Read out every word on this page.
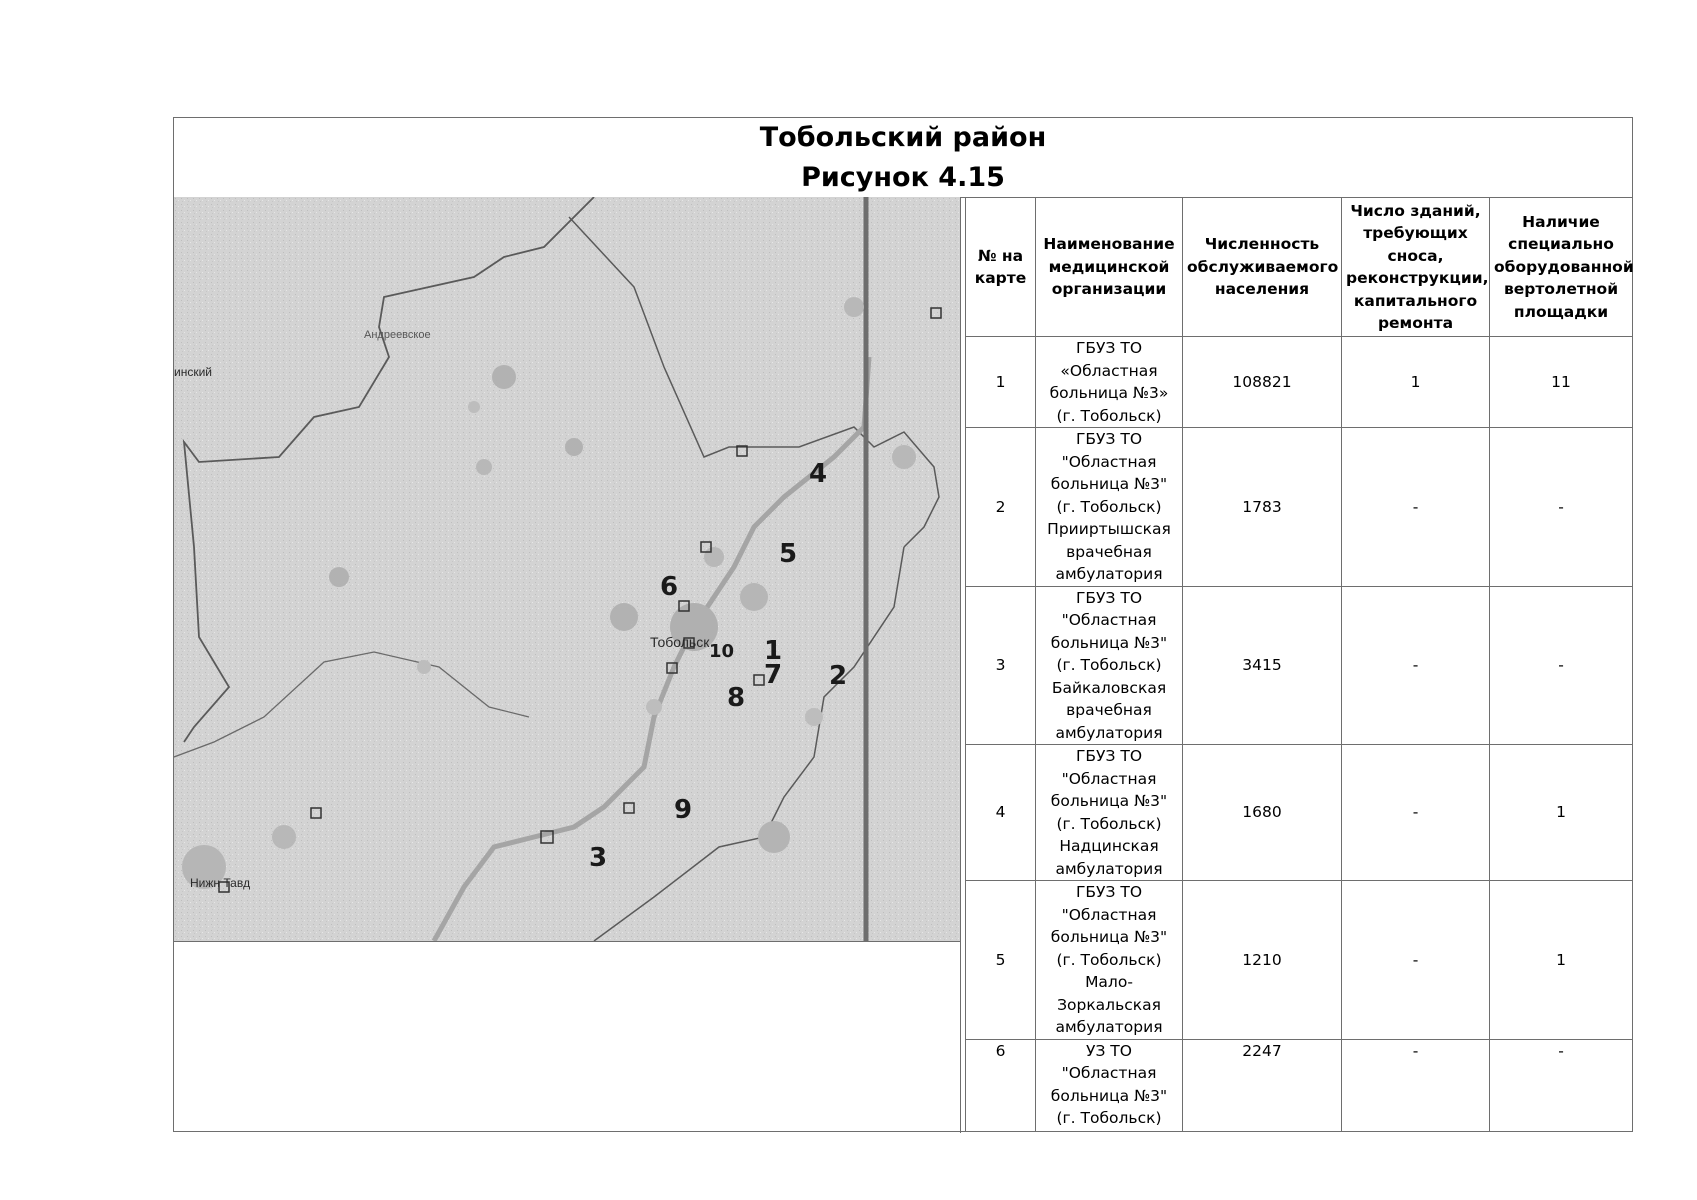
Тобольский район
Рисунок 4.15
4
5
6
1
7 2
8
9
3
10
Тобольск
инский
Нижн Тавд
Андреевское
№ на карте	Наименование медицинской организации	Численность обслуживаемого населения	Число зданий, требующих сноса, реконструкции, капитального ремонта	Наличие специально оборудованной вертолетной площадки
1	ГБУЗ ТО «Областная больница №3» (г. Тобольск)	108821	1	11
2	ГБУЗ ТО "Областная больница №3" (г. Тобольск) Прииртышская врачебная амбулатория	1783	-	-
3	ГБУЗ ТО "Областная больница №3" (г. Тобольск) Байкаловская врачебная амбулатория	3415	-	-
4	ГБУЗ ТО "Областная больница №3" (г. Тобольск) Надцинская амбулатория	1680	-	1
5	ГБУЗ ТО "Областная больница №3" (г. Тобольск) Мало-Зоркальская амбулатория	1210	-	1
6	УЗ ТО "Областная больница №3" (г. Тобольск)	2247	-	-
